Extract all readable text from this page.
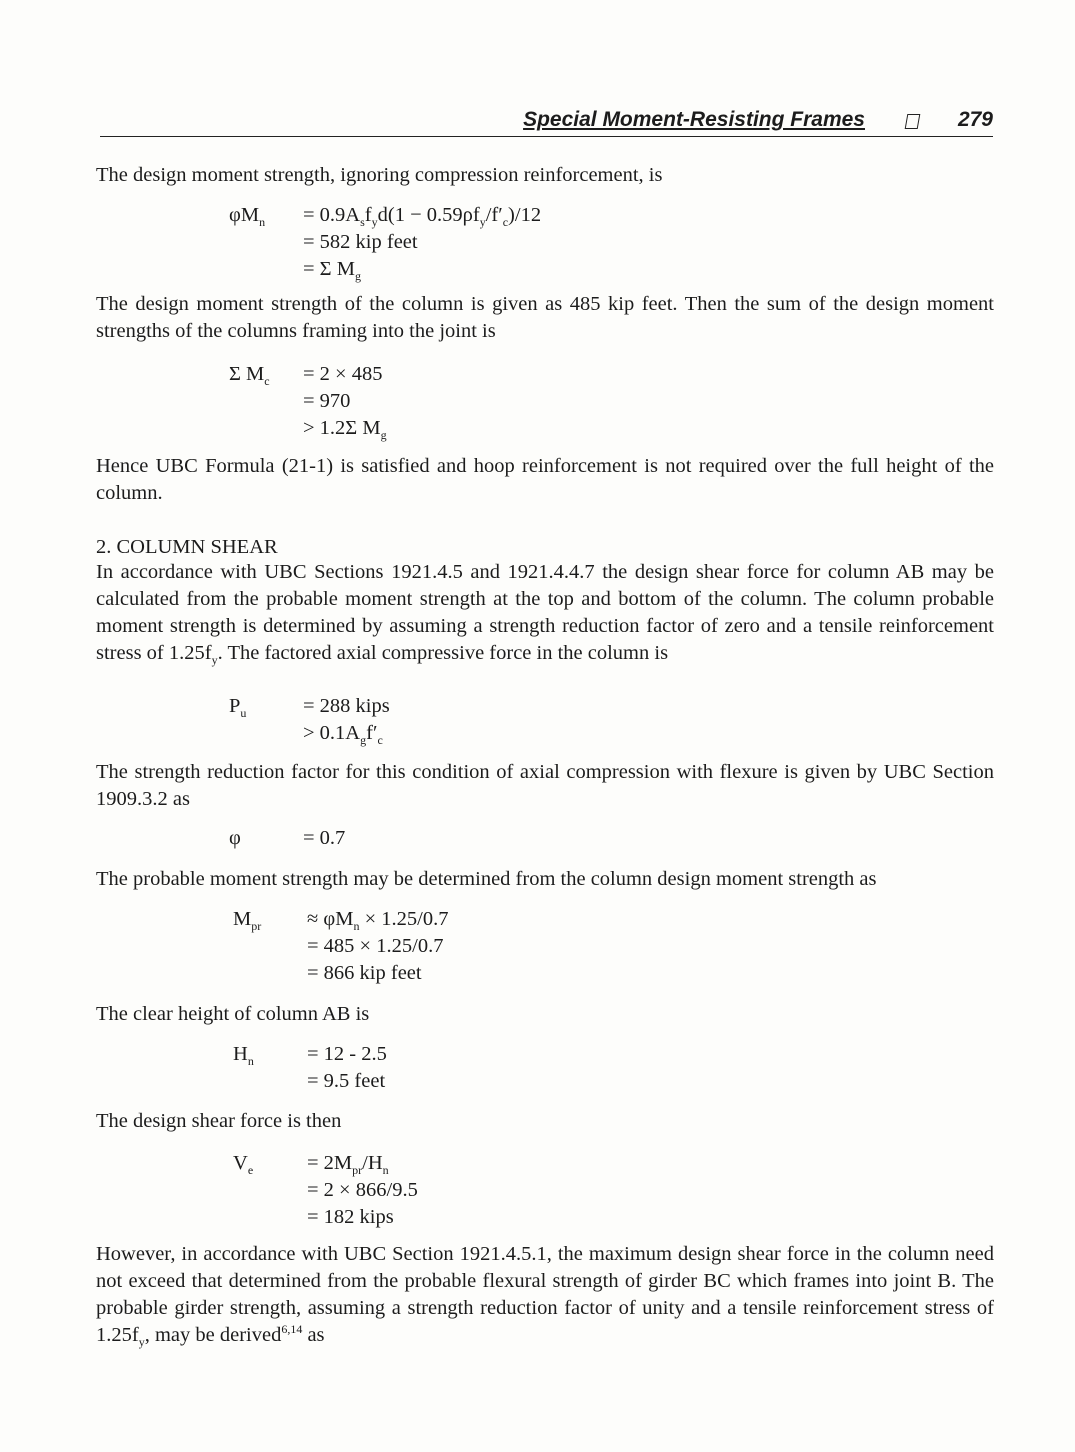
Special Moment-Resisting Frames	279

The design moment strength, ignoring compression reinforcement, is

$\varphi M_n = 0.9A_sf_yd(1 - 0.59\rho f_y/f'_c)/12$
= 582 kip feet
= Σ $M_g$

The design moment strength of the column is given as 485 kip feet. Then the sum of the design moment strengths of the columns framing into the joint is

Σ $M_c = 2 \times 485$
= 970
> 1.2Σ $M_g$

Hence UBC Formula (21-1) is satisfied and hoop reinforcement is not required over the full height of the column.

2. COLUMN SHEAR

In accordance with UBC Sections 1921.4.5 and 1921.4.4.7 the design shear force for column AB may be calculated from the probable moment strength at the top and bottom of the column. The column probable moment strength is determined by assuming a strength reduction factor of zero and a tensile reinforcement stress of $1.25f_y$. The factored axial compressive force in the column is

$P_u$	= 288 kips
> $0.1A_gf'_c$

The strength reduction factor for this condition of axial compression with flexure is given by UBC Section 1909.3.2 as

φ	= 0.7

The probable moment strength may be determined from the column design moment strength as

$M_{pr} \approx \varphi M_n \times 1.25/0.7$
= 485 × 1.25/0.7
= 866 kip feet

The clear height of column AB is

$H_n$	= 12 - 2.5
= 9.5 feet

The design shear force is then

$V_e$	= $2M_{pr}/H_n$
= 2 × 866/9.5
= 182 kips

However, in accordance with UBC Section 1921.4.5.1, the maximum design shear force in the column need not exceed that determined from the probable flexural strength of girder BC which frames into joint B. The probable girder strength, assuming a strength reduction factor of unity and a tensile reinforcement stress of $1.25f_y$, may be derived$^{6,14}$ as
